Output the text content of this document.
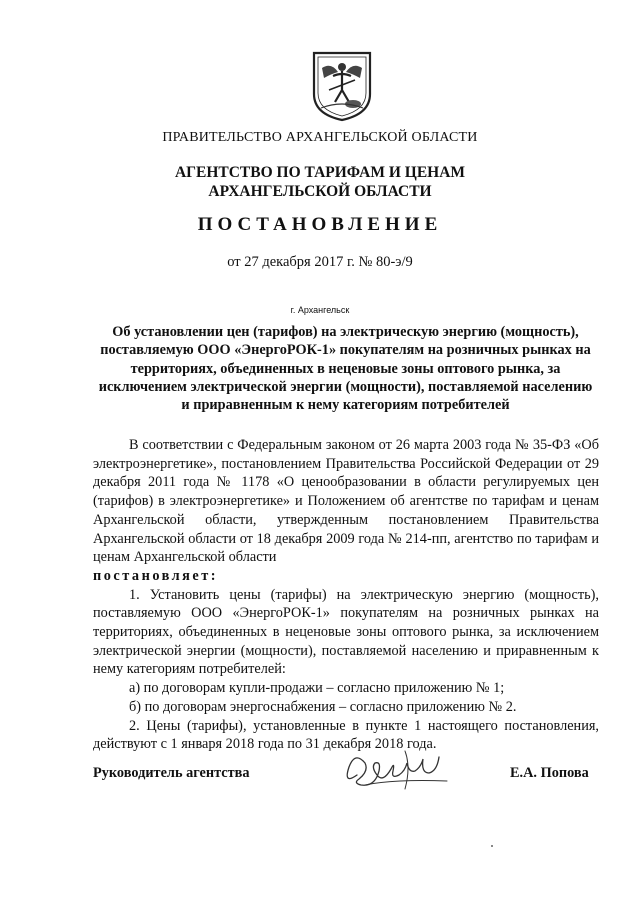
ПРАВИТЕЛЬСТВО АРХАНГЕЛЬСКОЙ ОБЛАСТИ
АГЕНТСТВО ПО ТАРИФАМ И ЦЕНАМ
АРХАНГЕЛЬСКОЙ ОБЛАСТИ
ПОСТАНОВЛЕНИЕ
от 27 декабря 2017 г. № 80-э/9
г. Архангельск
Об установлении цен (тарифов) на электрическую энергию (мощность), поставляемую ООО «ЭнергоРОК-1» покупателям на розничных рынках на территориях, объединенных в неценовые зоны оптового рынка, за исключением электрической энергии (мощности), поставляемой населению и приравненным к нему категориям потребителей

В соответствии с Федеральным законом от 26 марта 2003 года № 35-ФЗ «Об электроэнергетике», постановлением Правительства Российской Федерации от 29 декабря 2011 года № 1178 «О ценообразовании в области регулируемых цен (тарифов) в электроэнергетике» и Положением об агентстве по тарифам и ценам Архангельской области, утвержденным постановлением Правительства Архангельской области от 18 декабря 2009 года № 214-пп, агентство по тарифам и ценам Архангельской области

постановляет:

1. Установить цены (тарифы) на электрическую энергию (мощность), поставляемую ООО «ЭнергоРОК-1» покупателям на розничных рынках на территориях, объединенных в неценовые зоны оптового рынка, за исключением электрической энергии (мощности), поставляемой населению и приравненным к нему категориям потребителей:

а) по договорам купли-продажи – согласно приложению № 1;

б) по договорам энергоснабжения – согласно приложению № 2.

2. Цены (тарифы), установленные в пункте 1 настоящего постановления, действуют с 1 января 2018 года по 31 декабря 2018 года.

Руководитель агентства	Е.А. Попова
